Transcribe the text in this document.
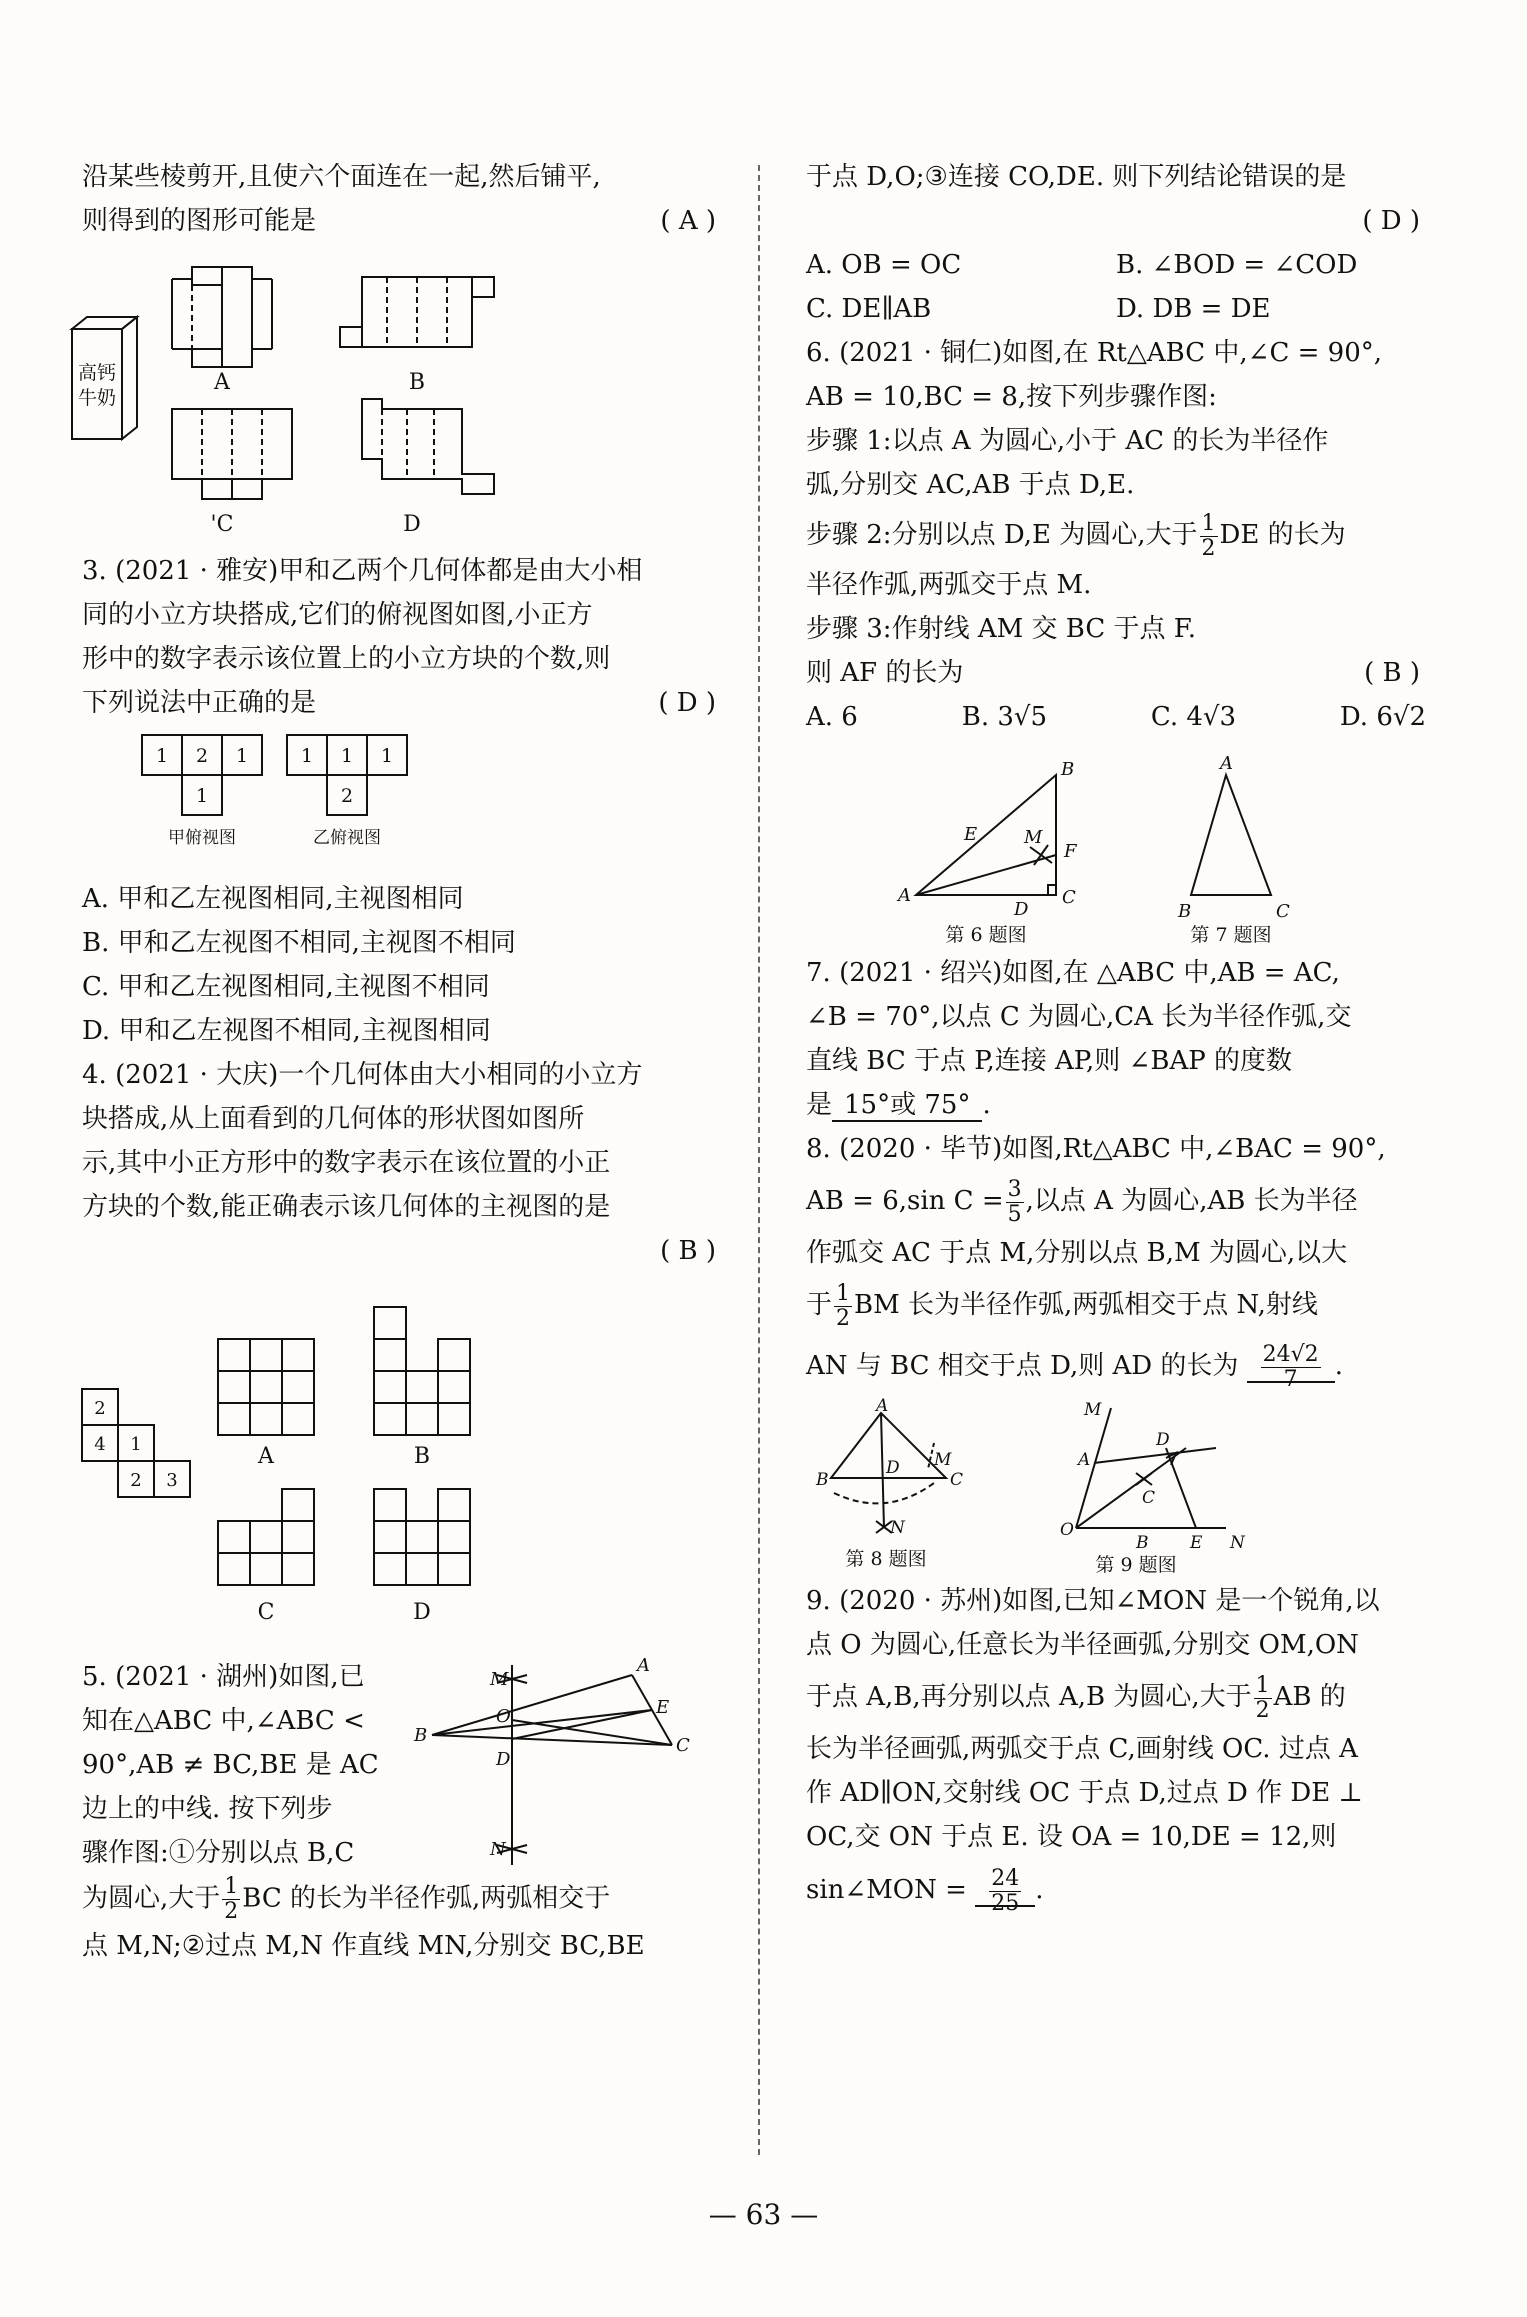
沿某些棱剪开,且使六个面连在一起,然后铺平,

则得到的图形可能是	( A )

高钙
牛奶
A	B
'C	D

3. (2021 · 雅安)甲和乙两个几何体都是由大小相

同的小立方块搭成,它们的俯视图如图,小正方

形中的数字表示该位置上的小立方块的个数,则

下列说法中正确的是	( D )

1 2 1
1
甲俯视图
1 1 1
2
乙俯视图

A. 甲和乙左视图相同,主视图相同

B. 甲和乙左视图不相同,主视图不相同

C. 甲和乙左视图相同,主视图不相同

D. 甲和乙左视图不相同,主视图相同

4. (2021 · 大庆)一个几何体由大小相同的小立方

块搭成,从上面看到的几何体的形状图如图所

示,其中小正方形中的数字表示在该位置的小正

方块的个数,能正确表示该几何体的主视图的是

( B )

2
4 1
2 3
A	B
C	D

5. (2021 · 湖州)如图,已

知在△ABC 中,∠ABC <

90°,AB ≠ BC,BE 是 AC

边上的中线. 按下列步

骤作图:①分别以点 B,C

A
M
E
O
B	C
D
N

为圆心,大于 $\frac{1}{2}$ BC 的长为半径作弧,两弧相交于

点 M,N;②过点 M,N 作直线 MN,分别交 BC,BE

于点 D,O;③连接 CO,DE. 则下列结论错误的是

( D )

A. OB = OC	B. ∠BOD = ∠COD

C. DE∥AB	D. DB = DE

6. (2021 · 铜仁)如图,在 Rt△ABC 中,∠C = 90°,

AB = 10,BC = 8,按下列步骤作图:

步骤 1:以点 A 为圆心,小于 AC 的长为半径作

弧,分别交 AC,AB 于点 D,E.

步骤 2:分别以点 D,E 为圆心,大于 $\frac{1}{2}$ DE 的长为

半径作弧,两弧交于点 M.

步骤 3:作射线 AM 交 BC 于点 F.

则 AF 的长为	( B )

A. 6	B. 3√5	C. 4√3	D. 6√2

B
E	M
F
A
D
C
第 6 题图
A
B	C
第 7 题图

7. (2021 · 绍兴)如图,在 △ABC 中,AB = AC,

∠B = 70°,以点 C 为圆心,CA 长为半径作弧,交

直线 BC 于点 P,连接 AP,则 ∠BAP 的度数

是 15°或 75° .

8. (2020 · 毕节)如图,Rt△ABC 中,∠BAC = 90°,

AB = 6,sin $C = \frac{3}{5}$ ,以点 A 为圆心,AB 长为半径

作弧交 AC 于点 M,分别以点 B,M 为圆心,以大

于 $\frac{1}{2}$ BM 长为半径作弧,两弧相交于点 N,射线

AN 与 BC 相交于点 D,则 AD 的长为 $\frac{24√2}{7}$ .

A
M
D
B	C
N
第 8 题图
M
D
A
C
O
B E N
第 9 题图

9. (2020 · 苏州)如图,已知∠MON 是一个锐角,以

点 O 为圆心,任意长为半径画弧,分别交 OM,ON

于点 A,B,再分别以点 A,B 为圆心,大于 $\frac{1}{2}$ AB 的

长为半径画弧,两弧交于点 C,画射线 OC. 过点 A

作 AD∥ON,交射线 OC 于点 D,过点 D 作 DE ⊥

OC,交 ON 于点 E. 设 OA = 10,DE = 12,则

sin∠MON = $\frac{24}{25}$ .

— 63 —
